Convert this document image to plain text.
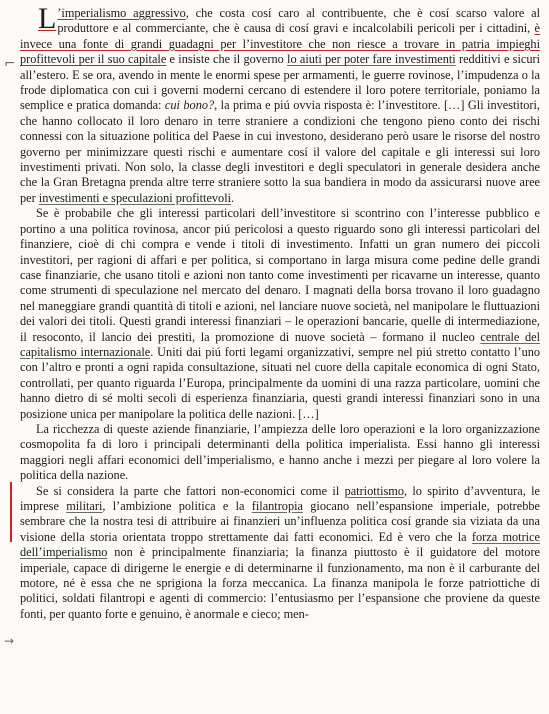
⌐
→

L ’imperialismo aggressivo, che costa cosí caro al contribuente, che è cosí scarso valore al produttore e al commerciante, che è causa di cosí gravi e incalcolabili pericoli per i cittadini, è invece una fonte di grandi guadagni per l’investitore che non riesce a trovare in patria impieghi profittevoli per il suo capitale e insiste che il governo lo aiuti per poter fare investimenti redditivi e sicuri all’estero. E se ora, avendo in mente le enormi spese per armamenti, le guerre rovinose, l’impudenza o la frode diplomatica con cui i governi moderni cercano di estendere il loro potere territoriale, poniamo la semplice e pratica domanda: cui bono?, la prima e piú ovvia risposta è: l’investitore. […] Gli investitori, che hanno collocato il loro denaro in terre straniere a condizioni che tengono pieno conto dei rischi connessi con la situazione politica del Paese in cui investono, desiderano però usare le risorse del nostro governo per minimizzare questi rischi e aumentare cosí il valore del capitale e gli interessi sui loro investimenti privati. Non solo, la classe degli investitori e degli speculatori in generale desidera anche che la Gran Bretagna prenda altre terre straniere sotto la sua bandiera in modo da assicurarsi nuove aree per investimenti e speculazioni profittevoli.

Se è probabile che gli interessi particolari dell’investitore si scontrino con l’interesse pubblico e portino a una politica rovinosa, ancor piú pericolosi a questo riguardo sono gli interessi particolari del finanziere, cioè di chi compra e vende i titoli di investimento. Infatti un gran numero dei piccoli investitori, per ragioni di affari e per politica, si comportano in larga misura come pedine delle grandi case finanziarie, che usano titoli e azioni non tanto come investimenti per ricavarne un interesse, quanto come strumenti di speculazione nel mercato del denaro. I magnati della borsa trovano il loro guadagno nel maneggiare grandi quantità di titoli e azioni, nel lanciare nuove società, nel manipolare le fluttuazioni dei valori dei titoli. Questi grandi interessi finanziari – le operazioni bancarie, quelle di intermediazione, il resoconto, il lancio dei prestiti, la promozione di nuove società – formano il nucleo centrale del capitalismo internazionale. Uniti dai piú forti legami organizzativi, sempre nel piú stretto contatto l’uno con l’altro e pronti a ogni rapida consultazione, situati nel cuore della capitale economica di ogni Stato, controllati, per quanto riguarda l’Europa, principalmente da uomini di una razza particolare, uomini che hanno dietro di sé molti secoli di esperienza finanziaria, questi grandi interessi finanziari sono in una posizione unica per manipolare la politica delle nazioni. […]

La ricchezza di queste aziende finanziarie, l’ampiezza delle loro operazioni e la loro organizzazione cosmopolita fa di loro i principali determinanti della politica imperialista. Essi hanno gli interessi maggiori negli affari economici dell’imperialismo, e hanno anche i mezzi per piegare al loro volere la politica della nazione.

Se si considera la parte che fattori non-economici come il patriottismo, lo spirito d’avventura, le imprese militari, l’ambizione politica e la filantropia giocano nell’espansione imperiale, potrebbe sembrare che la nostra tesi di attribuire ai finanzieri un’influenza politica cosí grande sia viziata da una visione della storia orientata troppo strettamente dai fatti economici. Ed è vero che la forza motrice dell’imperialismo non è principalmente finanziaria; la finanza piuttosto è il guidatore del motore imperiale, capace di dirigerne le energie e di determinarne il funzionamento, ma non è il carburante del motore, né è essa che ne sprigiona la forza meccanica. La finanza manipola le forze patriottiche di politici, soldati filantropi e agenti di commercio: l’entusiasmo per l’espansione che proviene da queste fonti, per quanto forte e genuino, è anormale e cieco; men-
